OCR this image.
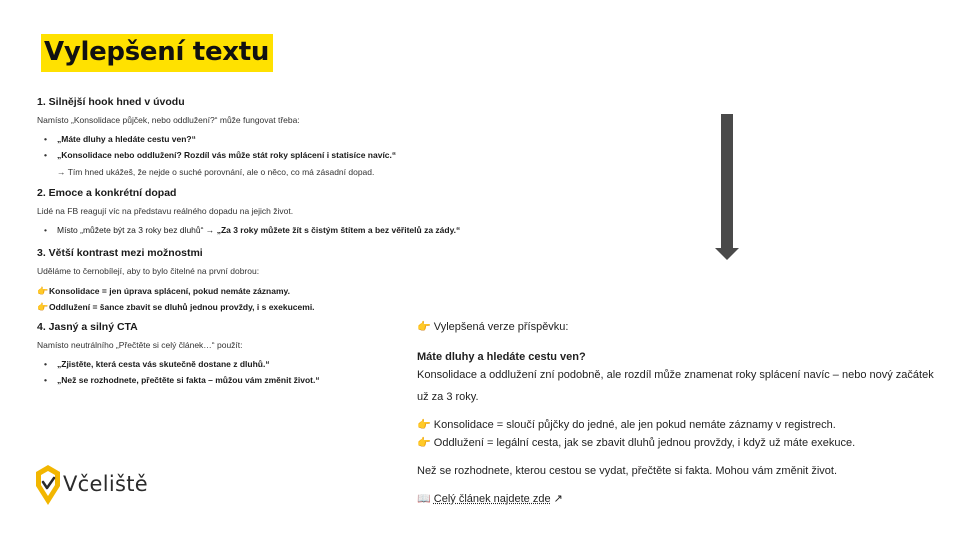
Vylepšení textu
1. Silnější hook hned v úvodu
Namísto „Konsolidace půjček, nebo oddlužení?“ může fungovat třeba:
• „Máte dluhy a hledáte cestu ven?“
• „Konsolidace nebo oddlužení? Rozdíl vás může stát roky splácení i statisíce navíc.“
→ Tím hned ukážeš, že nejde o suché porovnání, ale o něco, co má zásadní dopad.
2. Emoce a konkrétní dopad
Lidé na FB reagují víc na představu reálného dopadu na jejich život.
• Místo „můžete být za 3 roky bez dluhů“ → „Za 3 roky můžete žít s čistým štítem a bez věřitelů za zády.“
3. Větší kontrast mezi možnostmi
Uděláme to černobílejí, aby to bylo čitelné na první dobrou:
👉Konsolidace = jen úprava splácení, pokud nemáte záznamy.
👉Oddlužení = šance zbavit se dluhů jednou provždy, i s exekucemi.
4. Jasný a silný CTA
Namísto neutrálního „Přečtěte si celý článek…“ použít:
• „Zjistěte, která cesta vás skutečně dostane z dluhů.“
• „Než se rozhodnete, přečtěte si fakta – můžou vám změnit život.“
👉 Vylepšená verze příspěvku:
Máte dluhy a hledáte cestu ven?
Konsolidace a oddlužení zní podobně, ale rozdíl může znamenat roky splácení navíc – nebo nový začátek
už za 3 roky.
👉 Konsolidace = sloučí půjčky do jedné, ale jen pokud nemáte záznamy v registrech.
👉 Oddlužení = legální cesta, jak se zbavit dluhů jednou provždy, i když už máte exekuce.
Než se rozhodnete, kterou cestou se vydat, přečtěte si fakta. Mohou vám změnit život.
📖 Celý článek najdete zde ↗
Včeliště
